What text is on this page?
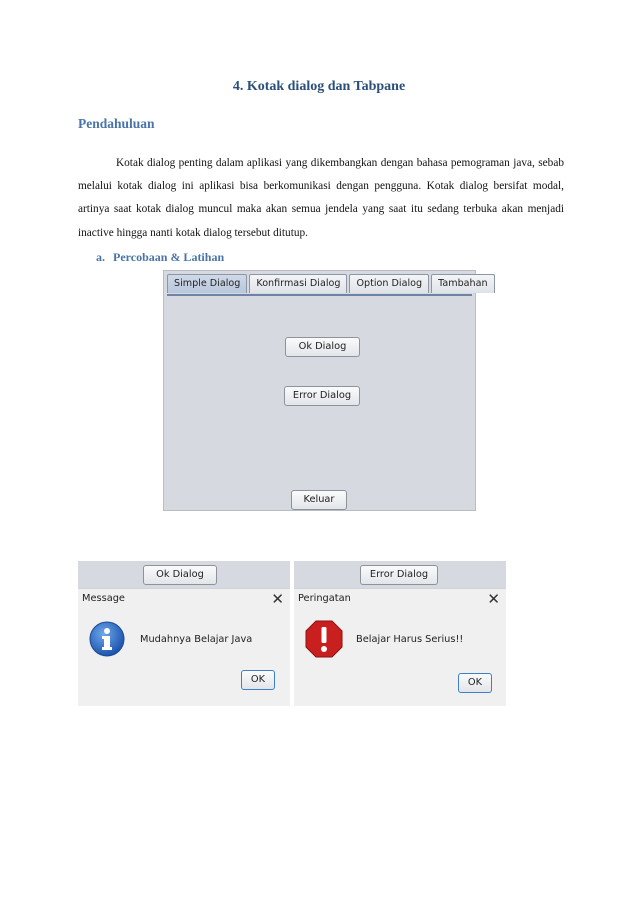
4. Kotak dialog dan Tabpane
Pendahuluan
Kotak dialog penting dalam aplikasi yang dikembangkan dengan bahasa pemograman java, sebab melalui kotak dialog ini aplikasi bisa berkomunikasi dengan pengguna. Kotak dialog bersifat modal, artinya saat kotak dialog muncul maka akan semua jendela yang saat itu sedang terbuka akan menjadi inactive hingga nanti kotak dialog tersebut ditutup.
a. Percobaan & Latihan
Simple Dialog	Konfirmasi Dialog	Option Dialog	Tambahan
Ok Dialog
Error Dialog
Keluar
Ok Dialog
Message	✕
Mudahnya Belajar Java
OK
Error Dialog
Peringatan	✕
Belajar Harus Serius!!
OK
